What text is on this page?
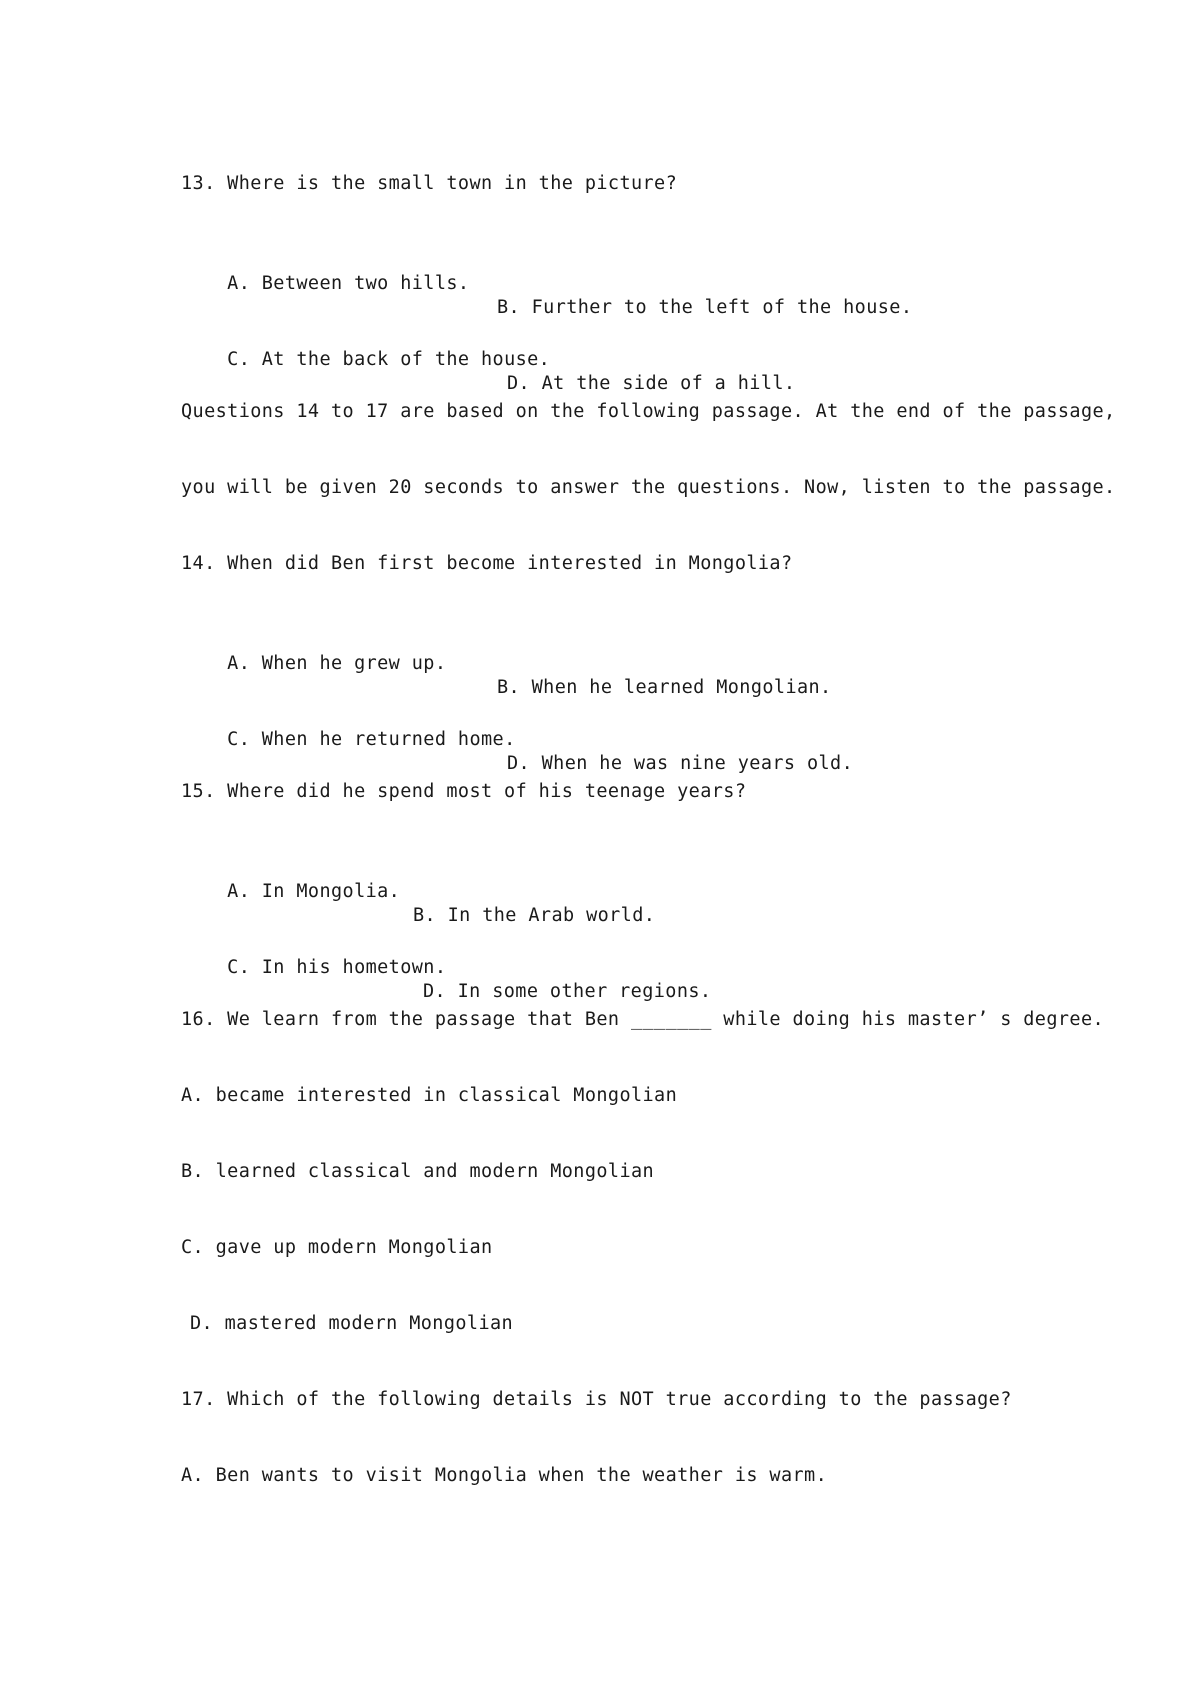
13. Where is the small town in the picture?

A. Between two hills.

B. Further to the left of the house.

C. At the back of the house.

D. At the side of a hill.

Questions 14 to 17 are based on the following passage. At the end of the passage,
you will be given 20 seconds to answer the questions. Now, listen to the passage.
14. When did Ben first become interested in Mongolia?

A. When he grew up.

B. When he learned Mongolian.

C. When he returned home.

D. When he was nine years old.

15. Where did he spend most of his teenage years?

A. In Mongolia.

B. In the Arab world.

C. In his hometown.

D. In some other regions.

16. We learn from the passage that Ben _______ while doing his master’ s degree.
A. became interested in classical Mongolian
B. learned classical and modern Mongolian
C. gave up modern Mongolian
D. mastered modern Mongolian
17. Which of the following details is NOT true according to the passage?
A. Ben wants to visit Mongolia when the weather is warm.
